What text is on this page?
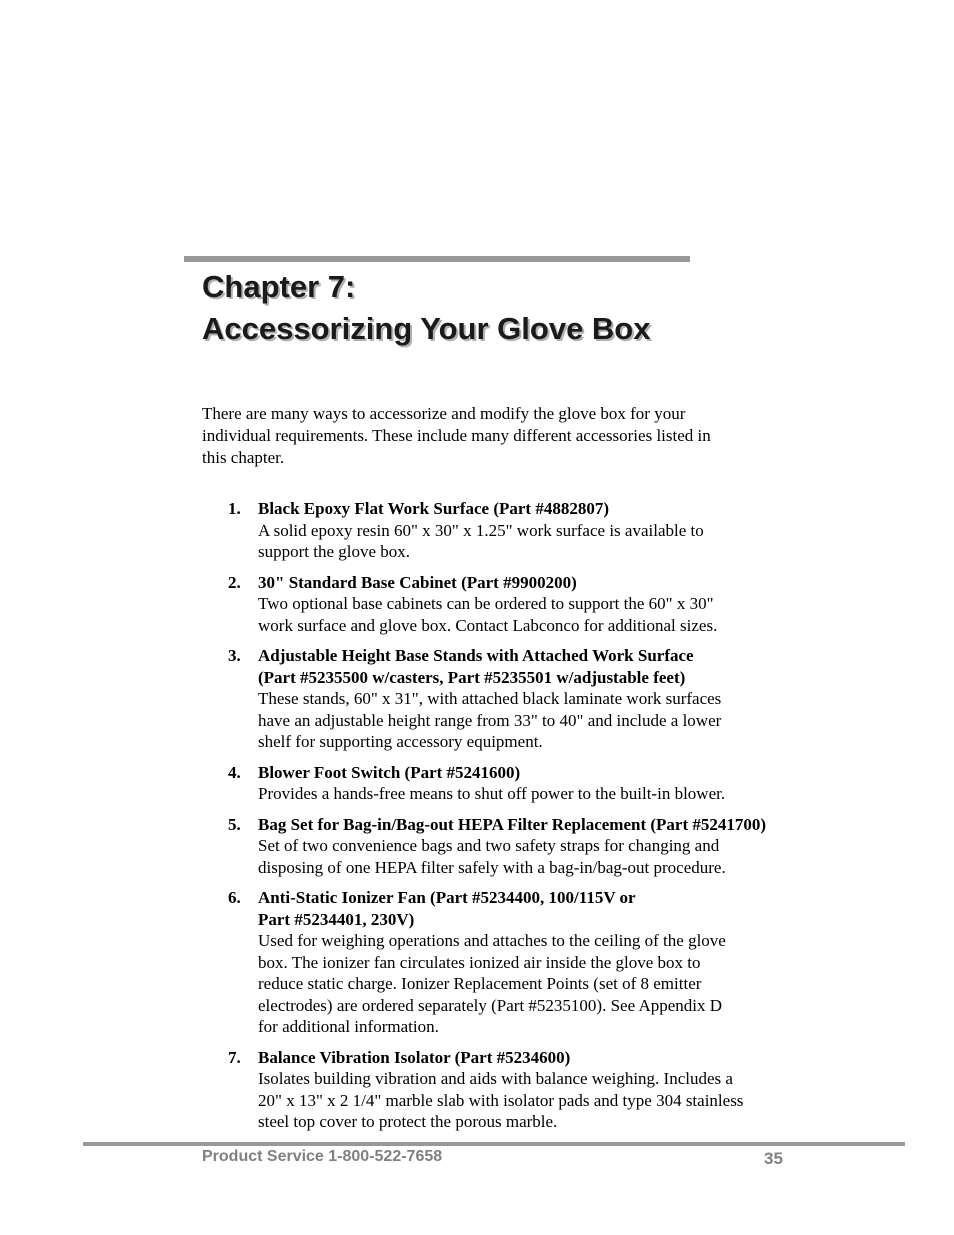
Chapter 7:
Accessorizing Your Glove Box

There are many ways to accessorize and modify the glove box for your
individual requirements. These include many different accessories listed in
this chapter.

1. Black Epoxy Flat Work Surface (Part #4882807)
A solid epoxy resin 60" x 30" x 1.25" work surface is available to
support the glove box.
2. 30" Standard Base Cabinet (Part #9900200)
Two optional base cabinets can be ordered to support the 60" x 30"
work surface and glove box. Contact Labconco for additional sizes.
3. Adjustable Height Base Stands with Attached Work Surface
(Part #5235500 w/casters, Part #5235501 w/adjustable feet)
These stands, 60" x 31", with attached black laminate work surfaces
have an adjustable height range from 33" to 40" and include a lower
shelf for supporting accessory equipment.
4. Blower Foot Switch (Part #5241600)
Provides a hands-free means to shut off power to the built-in blower.
5. Bag Set for Bag-in/Bag-out HEPA Filter Replacement (Part #5241700)
Set of two convenience bags and two safety straps for changing and
disposing of one HEPA filter safely with a bag-in/bag-out procedure.
6. Anti-Static Ionizer Fan (Part #5234400, 100/115V or
Part #5234401, 230V)
Used for weighing operations and attaches to the ceiling of the glove
box. The ionizer fan circulates ionized air inside the glove box to
reduce static charge. Ionizer Replacement Points (set of 8 emitter
electrodes) are ordered separately (Part #5235100). See Appendix D
for additional information.
7. Balance Vibration Isolator (Part #5234600)
Isolates building vibration and aids with balance weighing. Includes a
20" x 13" x 2 1/4" marble slab with isolator pads and type 304 stainless
steel top cover to protect the porous marble.
Product Service 1-800-522-7658	35
